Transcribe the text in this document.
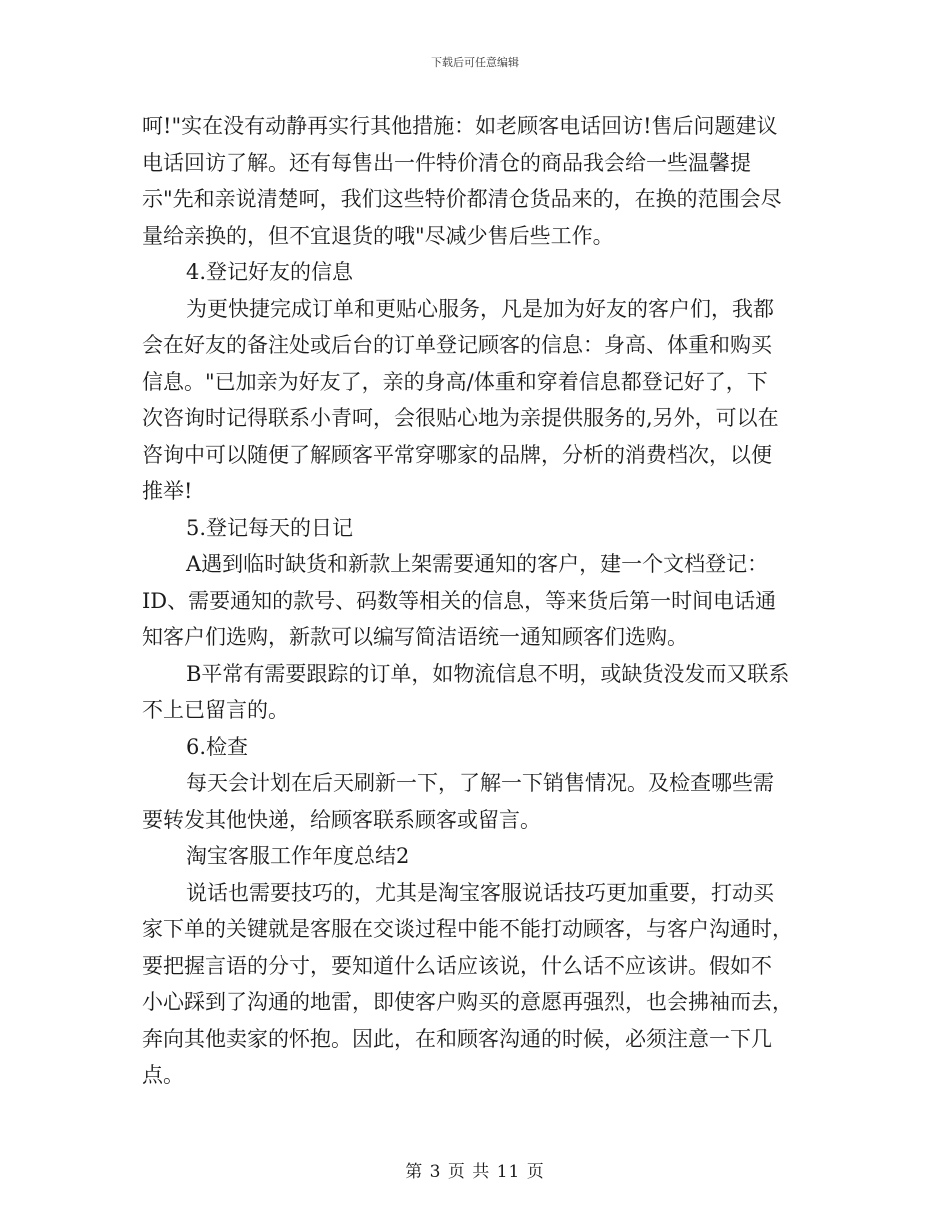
下载后可任意编辑
呵!"实在没有动静再实行其他措施：如老顾客电话回访!售后问题建议
电话回访了解。还有每售出一件特价清仓的商品我会给一些温馨提
示"先和亲说清楚呵，我们这些特价都清仓货品来的，在换的范围会尽
量给亲换的，但不宜退货的哦"尽减少售后些工作。
4.登记好友的信息
为更快捷完成订单和更贴心服务，凡是加为好友的客户们，我都
会在好友的备注处或后台的订单登记顾客的信息：身高、体重和购买
信息。"已加亲为好友了，亲的身高/体重和穿着信息都登记好了，下
次咨询时记得联系小青呵，会很贴心地为亲提供服务的,另外，可以在
咨询中可以随便了解顾客平常穿哪家的品牌，分析的消费档次，以便
推举!
5.登记每天的日记
A遇到临时缺货和新款上架需要通知的客户，建一个文档登记：
ID、需要通知的款号、码数等相关的信息，等来货后第一时间电话通
知客户们选购，新款可以编写简洁语统一通知顾客们选购。
B平常有需要跟踪的订单，如物流信息不明，或缺货没发而又联系
不上已留言的。
6.检查
每天会计划在后天刷新一下，了解一下销售情况。及检查哪些需
要转发其他快递，给顾客联系顾客或留言。
淘宝客服工作年度总结2
说话也需要技巧的，尤其是淘宝客服说话技巧更加重要，打动买
家下单的关键就是客服在交谈过程中能不能打动顾客，与客户沟通时，
要把握言语的分寸，要知道什么话应该说，什么话不应该讲。假如不
小心踩到了沟通的地雷，即使客户购买的意愿再强烈，也会拂袖而去，
奔向其他卖家的怀抱。因此，在和顾客沟通的时候，必须注意一下几
点。
第 3 页 共 11 页
